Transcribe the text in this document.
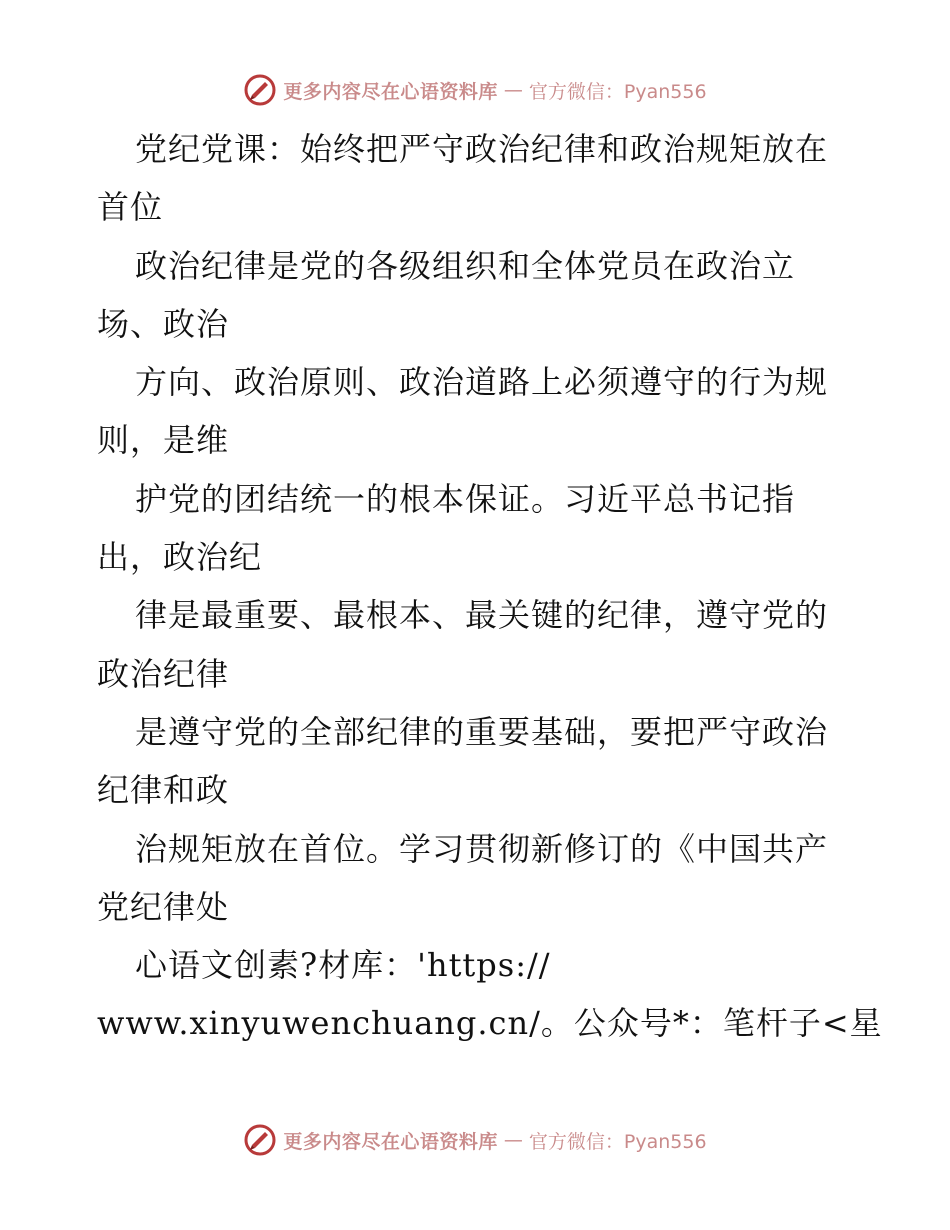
更多内容尽在心语资料库 — 官方微信：Pyan556
党纪党课：始终把严守政治纪律和政治规矩放在
首位
政治纪律是党的各级组织和全体党员在政治立
场、政治
方向、政治原则、政治道路上必须遵守的行为规
则，是维
护党的团结统一的根本保证。习近平总书记指
出，政治纪
律是最重要、最根本、最关键的纪律，遵守党的
政治纪律
是遵守党的全部纪律的重要基础，要把严守政治
纪律和政
治规矩放在首位。学习贯彻新修订的《中国共产
党纪律处
心语文创素?材库：'https://
www.xinyuwenchuang.cn/。公众号*：笔杆子<星
更多内容尽在心语资料库 — 官方微信：Pyan556
